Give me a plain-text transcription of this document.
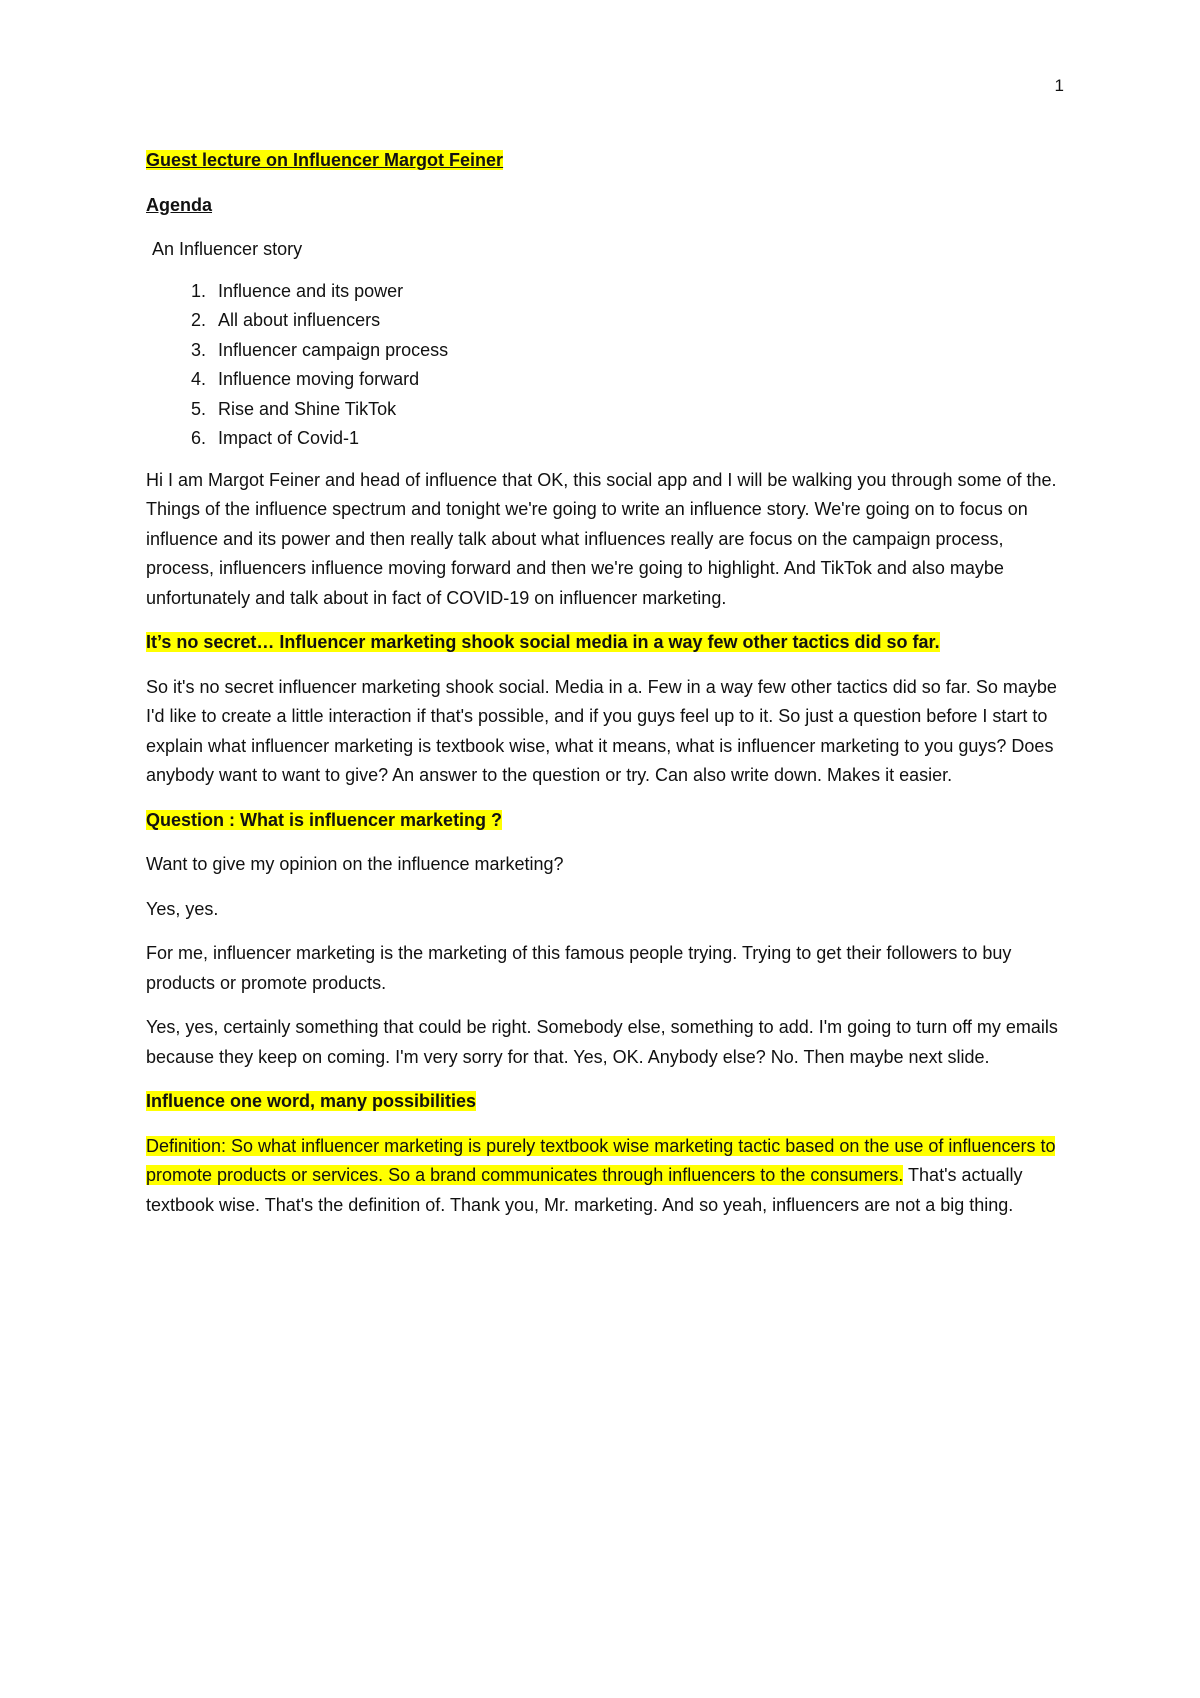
1
Guest lecture on Influencer Margot Feiner
Agenda
An Influencer story
1. Influence and its power
2. All about influencers
3. Influencer campaign process
4. Influence moving forward
5. Rise and Shine TikTok
6. Impact of Covid-1

Hi I am Margot Feiner and head of influence that OK, this social app and I will be walking you through some of the. Things of the influence spectrum and tonight we're going to write an influence story. We're going on to focus on influence and its power and then really talk about what influences really are focus on the campaign process, process, influencers influence moving forward and then we're going to highlight. And TikTok and also maybe unfortunately and talk about in fact of COVID-19 on influencer marketing.

It’s no secret… Influencer marketing shook social media in a way few other tactics did so far.

So it's no secret influencer marketing shook social. Media in a. Few in a way few other tactics did so far. So maybe I'd like to create a little interaction if that's possible, and if you guys feel up to it. So just a question before I start to explain what influencer marketing is textbook wise, what it means, what is influencer marketing to you guys? Does anybody want to want to give? An answer to the question or try. Can also write down. Makes it easier.

Question : What is influencer marketing ?

Want to give my opinion on the influence marketing?

Yes, yes.

For me, influencer marketing is the marketing of this famous people trying. Trying to get their followers to buy products or promote products.

Yes, yes, certainly something that could be right. Somebody else, something to add. I'm going to turn off my emails because they keep on coming. I'm very sorry for that. Yes, OK. Anybody else? No. Then maybe next slide.

Influence one word, many possibilities

Definition: So what influencer marketing is purely textbook wise marketing tactic based on the use of influencers to promote products or services. So a brand communicates through influencers to the consumers. That's actually textbook wise. That's the definition of. Thank you, Mr. marketing. And so yeah, influencers are not a big thing.
